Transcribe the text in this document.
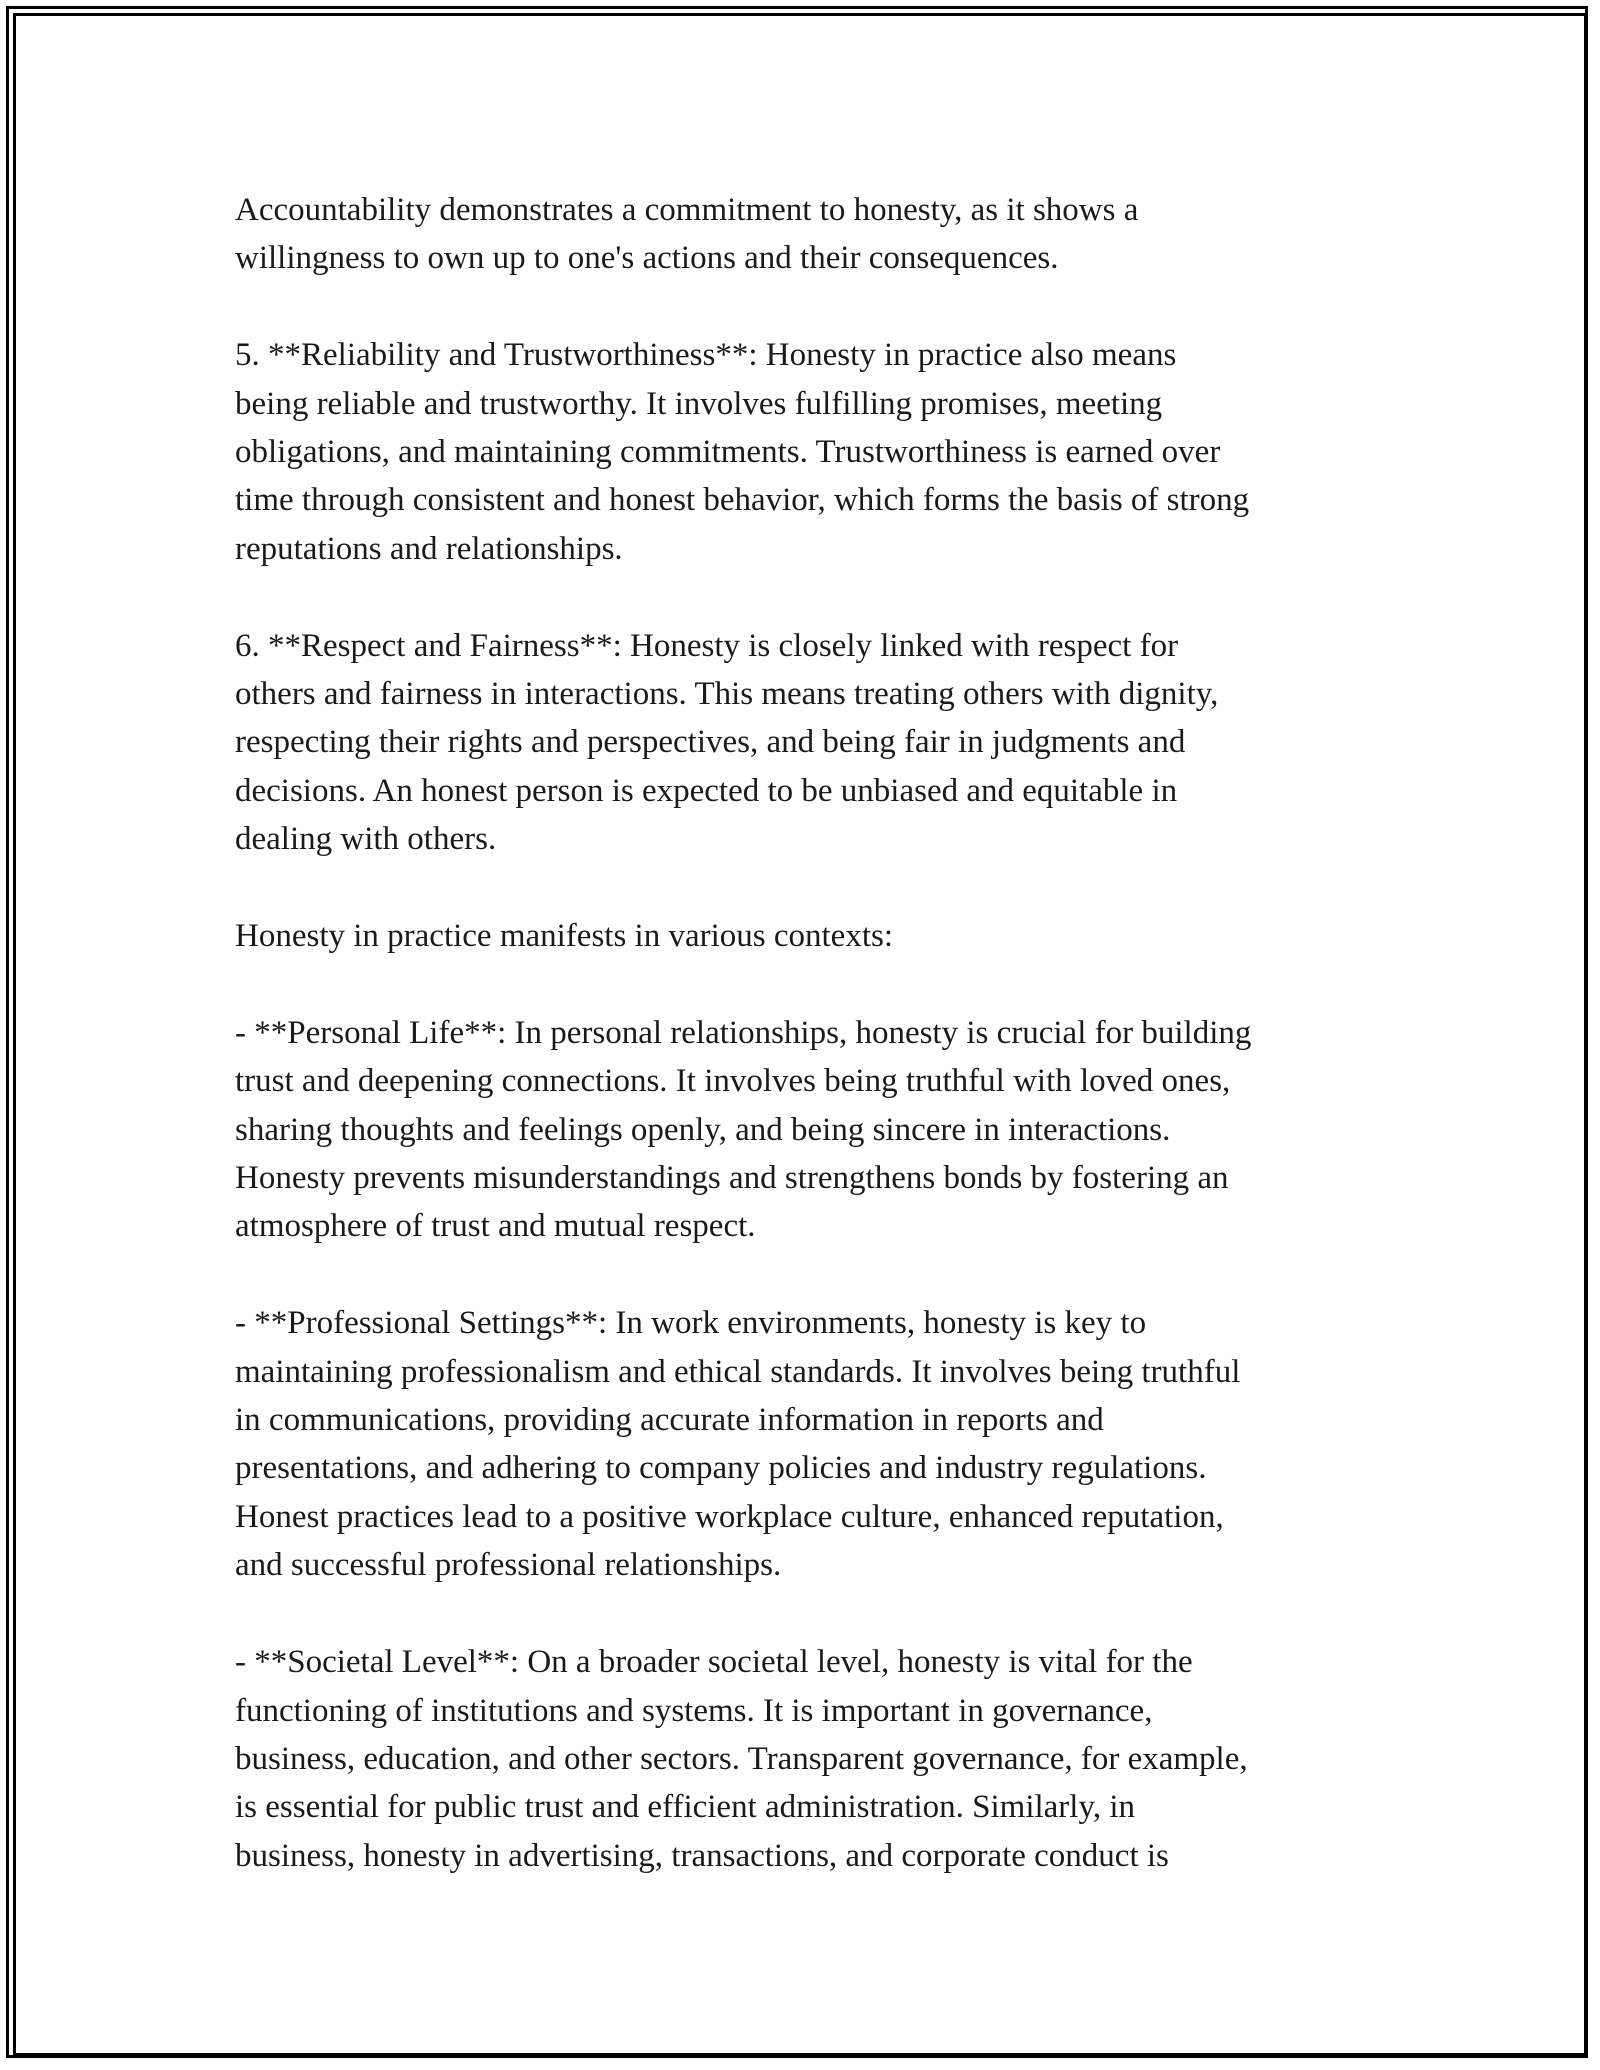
Accountability demonstrates a commitment to honesty, as it shows a
willingness to own up to one's actions and their consequences.

5. **Reliability and Trustworthiness**: Honesty in practice also means
being reliable and trustworthy. It involves fulfilling promises, meeting
obligations, and maintaining commitments. Trustworthiness is earned over
time through consistent and honest behavior, which forms the basis of strong
reputations and relationships.

6. **Respect and Fairness**: Honesty is closely linked with respect for
others and fairness in interactions. This means treating others with dignity,
respecting their rights and perspectives, and being fair in judgments and
decisions. An honest person is expected to be unbiased and equitable in
dealing with others.

Honesty in practice manifests in various contexts:

- **Personal Life**: In personal relationships, honesty is crucial for building
trust and deepening connections. It involves being truthful with loved ones,
sharing thoughts and feelings openly, and being sincere in interactions.
Honesty prevents misunderstandings and strengthens bonds by fostering an
atmosphere of trust and mutual respect.

- **Professional Settings**: In work environments, honesty is key to
maintaining professionalism and ethical standards. It involves being truthful
in communications, providing accurate information in reports and
presentations, and adhering to company policies and industry regulations.
Honest practices lead to a positive workplace culture, enhanced reputation,
and successful professional relationships.

- **Societal Level**: On a broader societal level, honesty is vital for the
functioning of institutions and systems. It is important in governance,
business, education, and other sectors. Transparent governance, for example,
is essential for public trust and efficient administration. Similarly, in
business, honesty in advertising, transactions, and corporate conduct is
